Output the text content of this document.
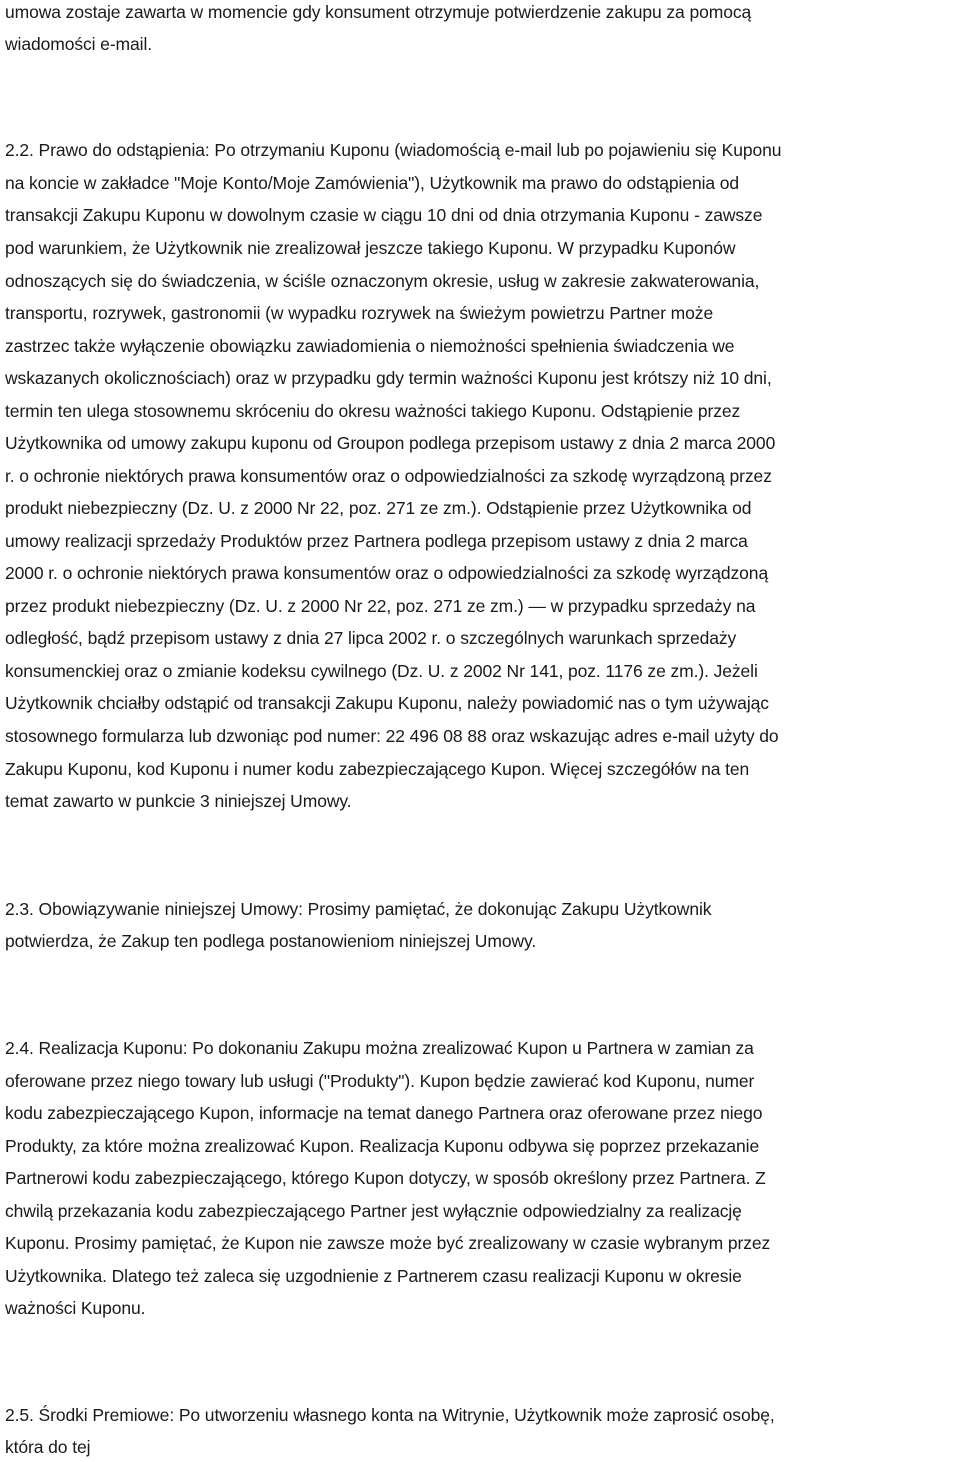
umowa zostaje zawarta w momencie gdy konsument otrzymuje potwierdzenie zakupu za pomocą
wiadomości e-mail.
2.2. Prawo do odstąpienia: Po otrzymaniu Kuponu (wiadomością e-mail lub po pojawieniu się Kuponu
na koncie w zakładce "Moje Konto/Moje Zamówienia"), Użytkownik ma prawo do odstąpienia od
transakcji Zakupu Kuponu w dowolnym czasie w ciągu 10 dni od dnia otrzymania Kuponu - zawsze
pod warunkiem, że Użytkownik nie zrealizował jeszcze takiego Kuponu. W przypadku Kuponów
odnoszących się do świadczenia, w ściśle oznaczonym okresie, usług w zakresie zakwaterowania,
transportu, rozrywek, gastronomii (w wypadku rozrywek na świeżym powietrzu Partner może
zastrzec także wyłączenie obowiązku zawiadomienia o niemożności spełnienia świadczenia we
wskazanych okolicznościach) oraz w przypadku gdy termin ważności Kuponu jest krótszy niż 10 dni,
termin ten ulega stosownemu skróceniu do okresu ważności takiego Kuponu. Odstąpienie przez
Użytkownika od umowy zakupu kuponu od Groupon podlega przepisom ustawy z dnia 2 marca 2000
r. o ochronie niektórych prawa konsumentów oraz o odpowiedzialności za szkodę wyrządzoną przez
produkt niebezpieczny (Dz. U. z 2000 Nr 22, poz. 271 ze zm.). Odstąpienie przez Użytkownika od
umowy realizacji sprzedaży Produktów przez Partnera podlega przepisom ustawy z dnia 2 marca
2000 r. o ochronie niektórych prawa konsumentów oraz o odpowiedzialności za szkodę wyrządzoną
przez produkt niebezpieczny (Dz. U. z 2000 Nr 22, poz. 271 ze zm.) — w przypadku sprzedaży na
odległość, bądź przepisom ustawy z dnia 27 lipca 2002 r. o szczególnych warunkach sprzedaży
konsumenckiej oraz o zmianie kodeksu cywilnego (Dz. U. z 2002 Nr 141, poz. 1176 ze zm.). Jeżeli
Użytkownik chciałby odstąpić od transakcji Zakupu Kuponu, należy powiadomić nas o tym używając
stosownego formularza lub dzwoniąc pod numer: 22 496 08 88 oraz wskazując adres e-mail użyty do
Zakupu Kuponu, kod Kuponu i numer kodu zabezpieczającego Kupon. Więcej szczegółów na ten
temat zawarto w punkcie 3 niniejszej Umowy.
2.3. Obowiązywanie niniejszej Umowy: Prosimy pamiętać, że dokonując Zakupu Użytkownik
potwierdza, że Zakup ten podlega postanowieniom niniejszej Umowy.
2.4. Realizacja Kuponu: Po dokonaniu Zakupu można zrealizować Kupon u Partnera w zamian za
oferowane przez niego towary lub usługi ("Produkty"). Kupon będzie zawierać kod Kuponu, numer
kodu zabezpieczającego Kupon, informacje na temat danego Partnera oraz oferowane przez niego
Produkty, za które można zrealizować Kupon. Realizacja Kuponu odbywa się poprzez przekazanie
Partnerowi kodu zabezpieczającego, którego Kupon dotyczy, w sposób określony przez Partnera. Z
chwilą przekazania kodu zabezpieczającego Partner jest wyłącznie odpowiedzialny za realizację
Kuponu. Prosimy pamiętać, że Kupon nie zawsze może być zrealizowany w czasie wybranym przez
Użytkownika. Dlatego też zaleca się uzgodnienie z Partnerem czasu realizacji Kuponu w okresie
ważności Kuponu.
2.5. Środki Premiowe: Po utworzeniu własnego konta na Witrynie, Użytkownik może zaprosić osobę,
która do tej
